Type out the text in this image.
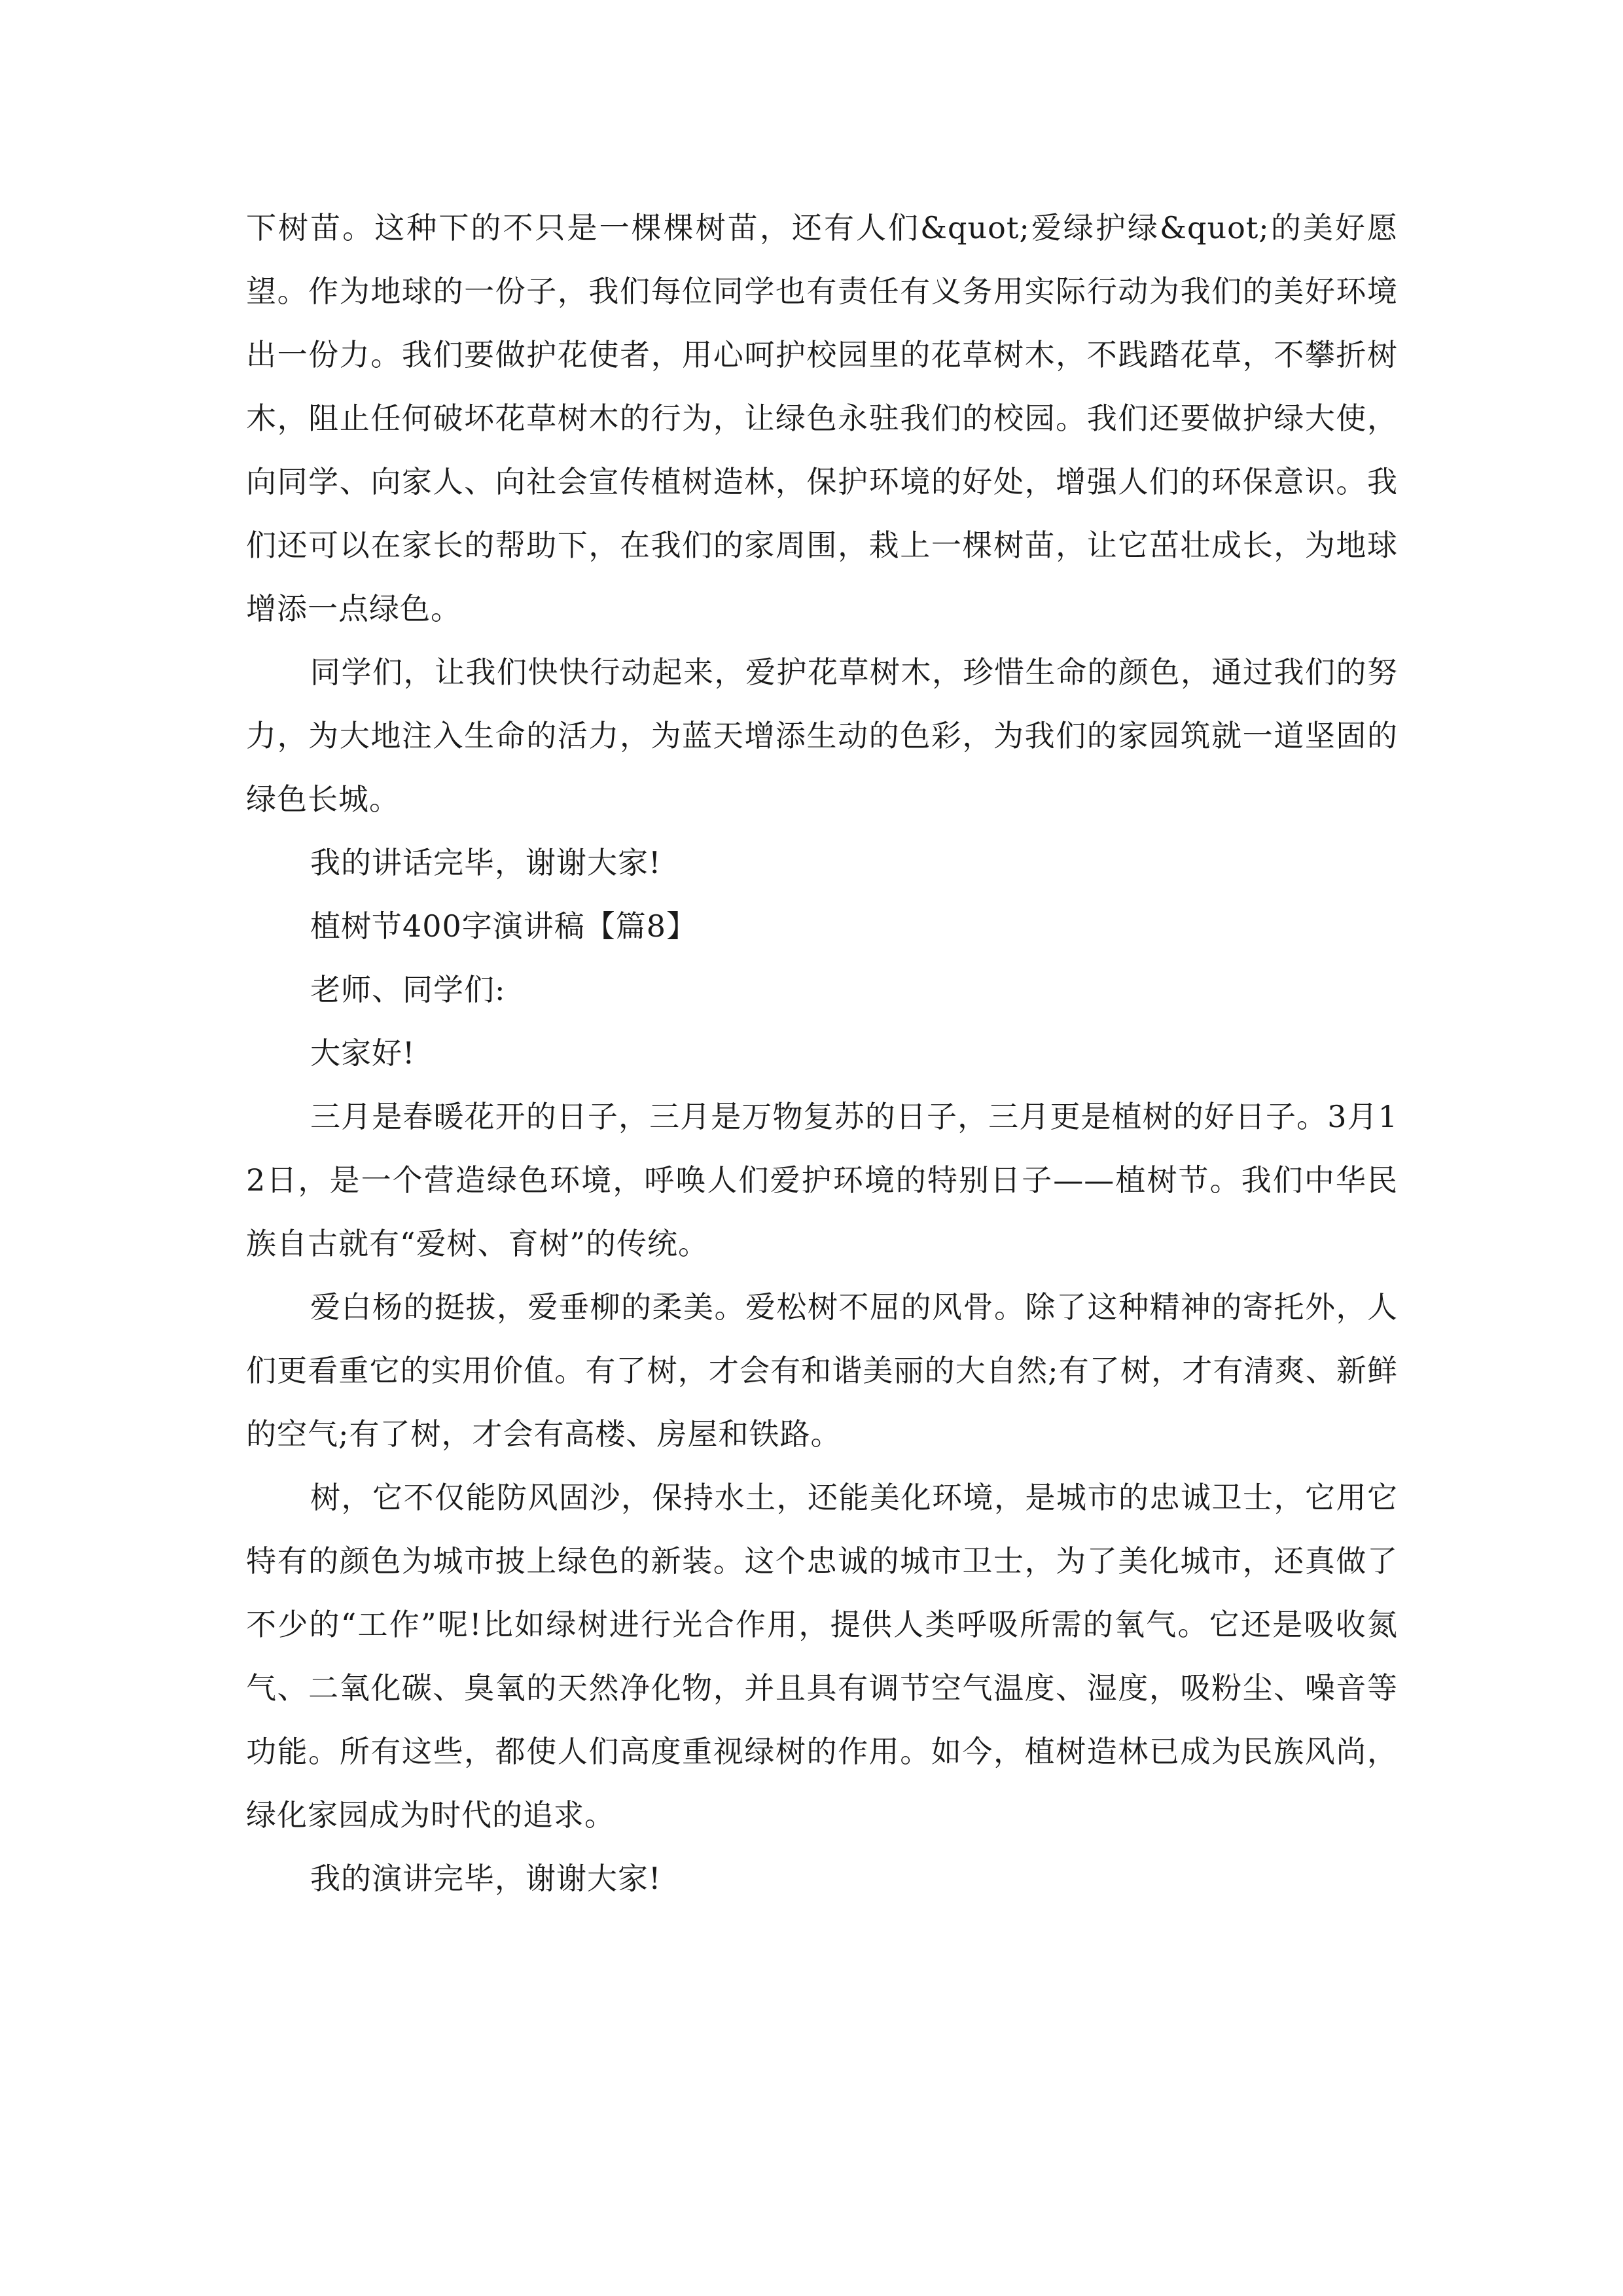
下树苗。这种下的不只是一棵棵树苗，还有人们&quot;爱绿护绿&quot;的美好愿望。作为地球的一份子，我们每位同学也有责任有义务用实际行动为我们的美好环境出一份力。我们要做护花使者，用心呵护校园里的花草树木，不践踏花草，不攀折树木，阻止任何破坏花草树木的行为，让绿色永驻我们的校园。我们还要做护绿大使，向同学、向家人、向社会宣传植树造林，保护环境的好处，增强人们的环保意识。我们还可以在家长的帮助下，在我们的家周围，栽上一棵树苗，让它茁壮成长，为地球增添一点绿色。

同学们，让我们快快行动起来，爱护花草树木，珍惜生命的颜色，通过我们的努力，为大地注入生命的活力，为蓝天增添生动的色彩，为我们的家园筑就一道坚固的绿色长城。

我的讲话完毕，谢谢大家!

植树节400字演讲稿【篇8】

老师、同学们:

大家好!

三月是春暖花开的日子，三月是万物复苏的日子，三月更是植树的好日子。3月12日，是一个营造绿色环境，呼唤人们爱护环境的特别日子——植树节。我们中华民族自古就有“爱树、育树”的传统。

爱白杨的挺拔，爱垂柳的柔美。爱松树不屈的风骨。除了这种精神的寄托外，人们更看重它的实用价值。有了树，才会有和谐美丽的大自然;有了树，才有清爽、新鲜的空气;有了树，才会有高楼、房屋和铁路。

树，它不仅能防风固沙，保持水土，还能美化环境，是城市的忠诚卫士，它用它特有的颜色为城市披上绿色的新装。这个忠诚的城市卫士，为了美化城市，还真做了不少的“工作”呢!比如绿树进行光合作用，提供人类呼吸所需的氧气。它还是吸收氮气、二氧化碳、臭氧的天然净化物，并且具有调节空气温度、湿度，吸粉尘、噪音等功能。所有这些，都使人们高度重视绿树的作用。如今，植树造林已成为民族风尚，绿化家园成为时代的追求。

我的演讲完毕，谢谢大家!
